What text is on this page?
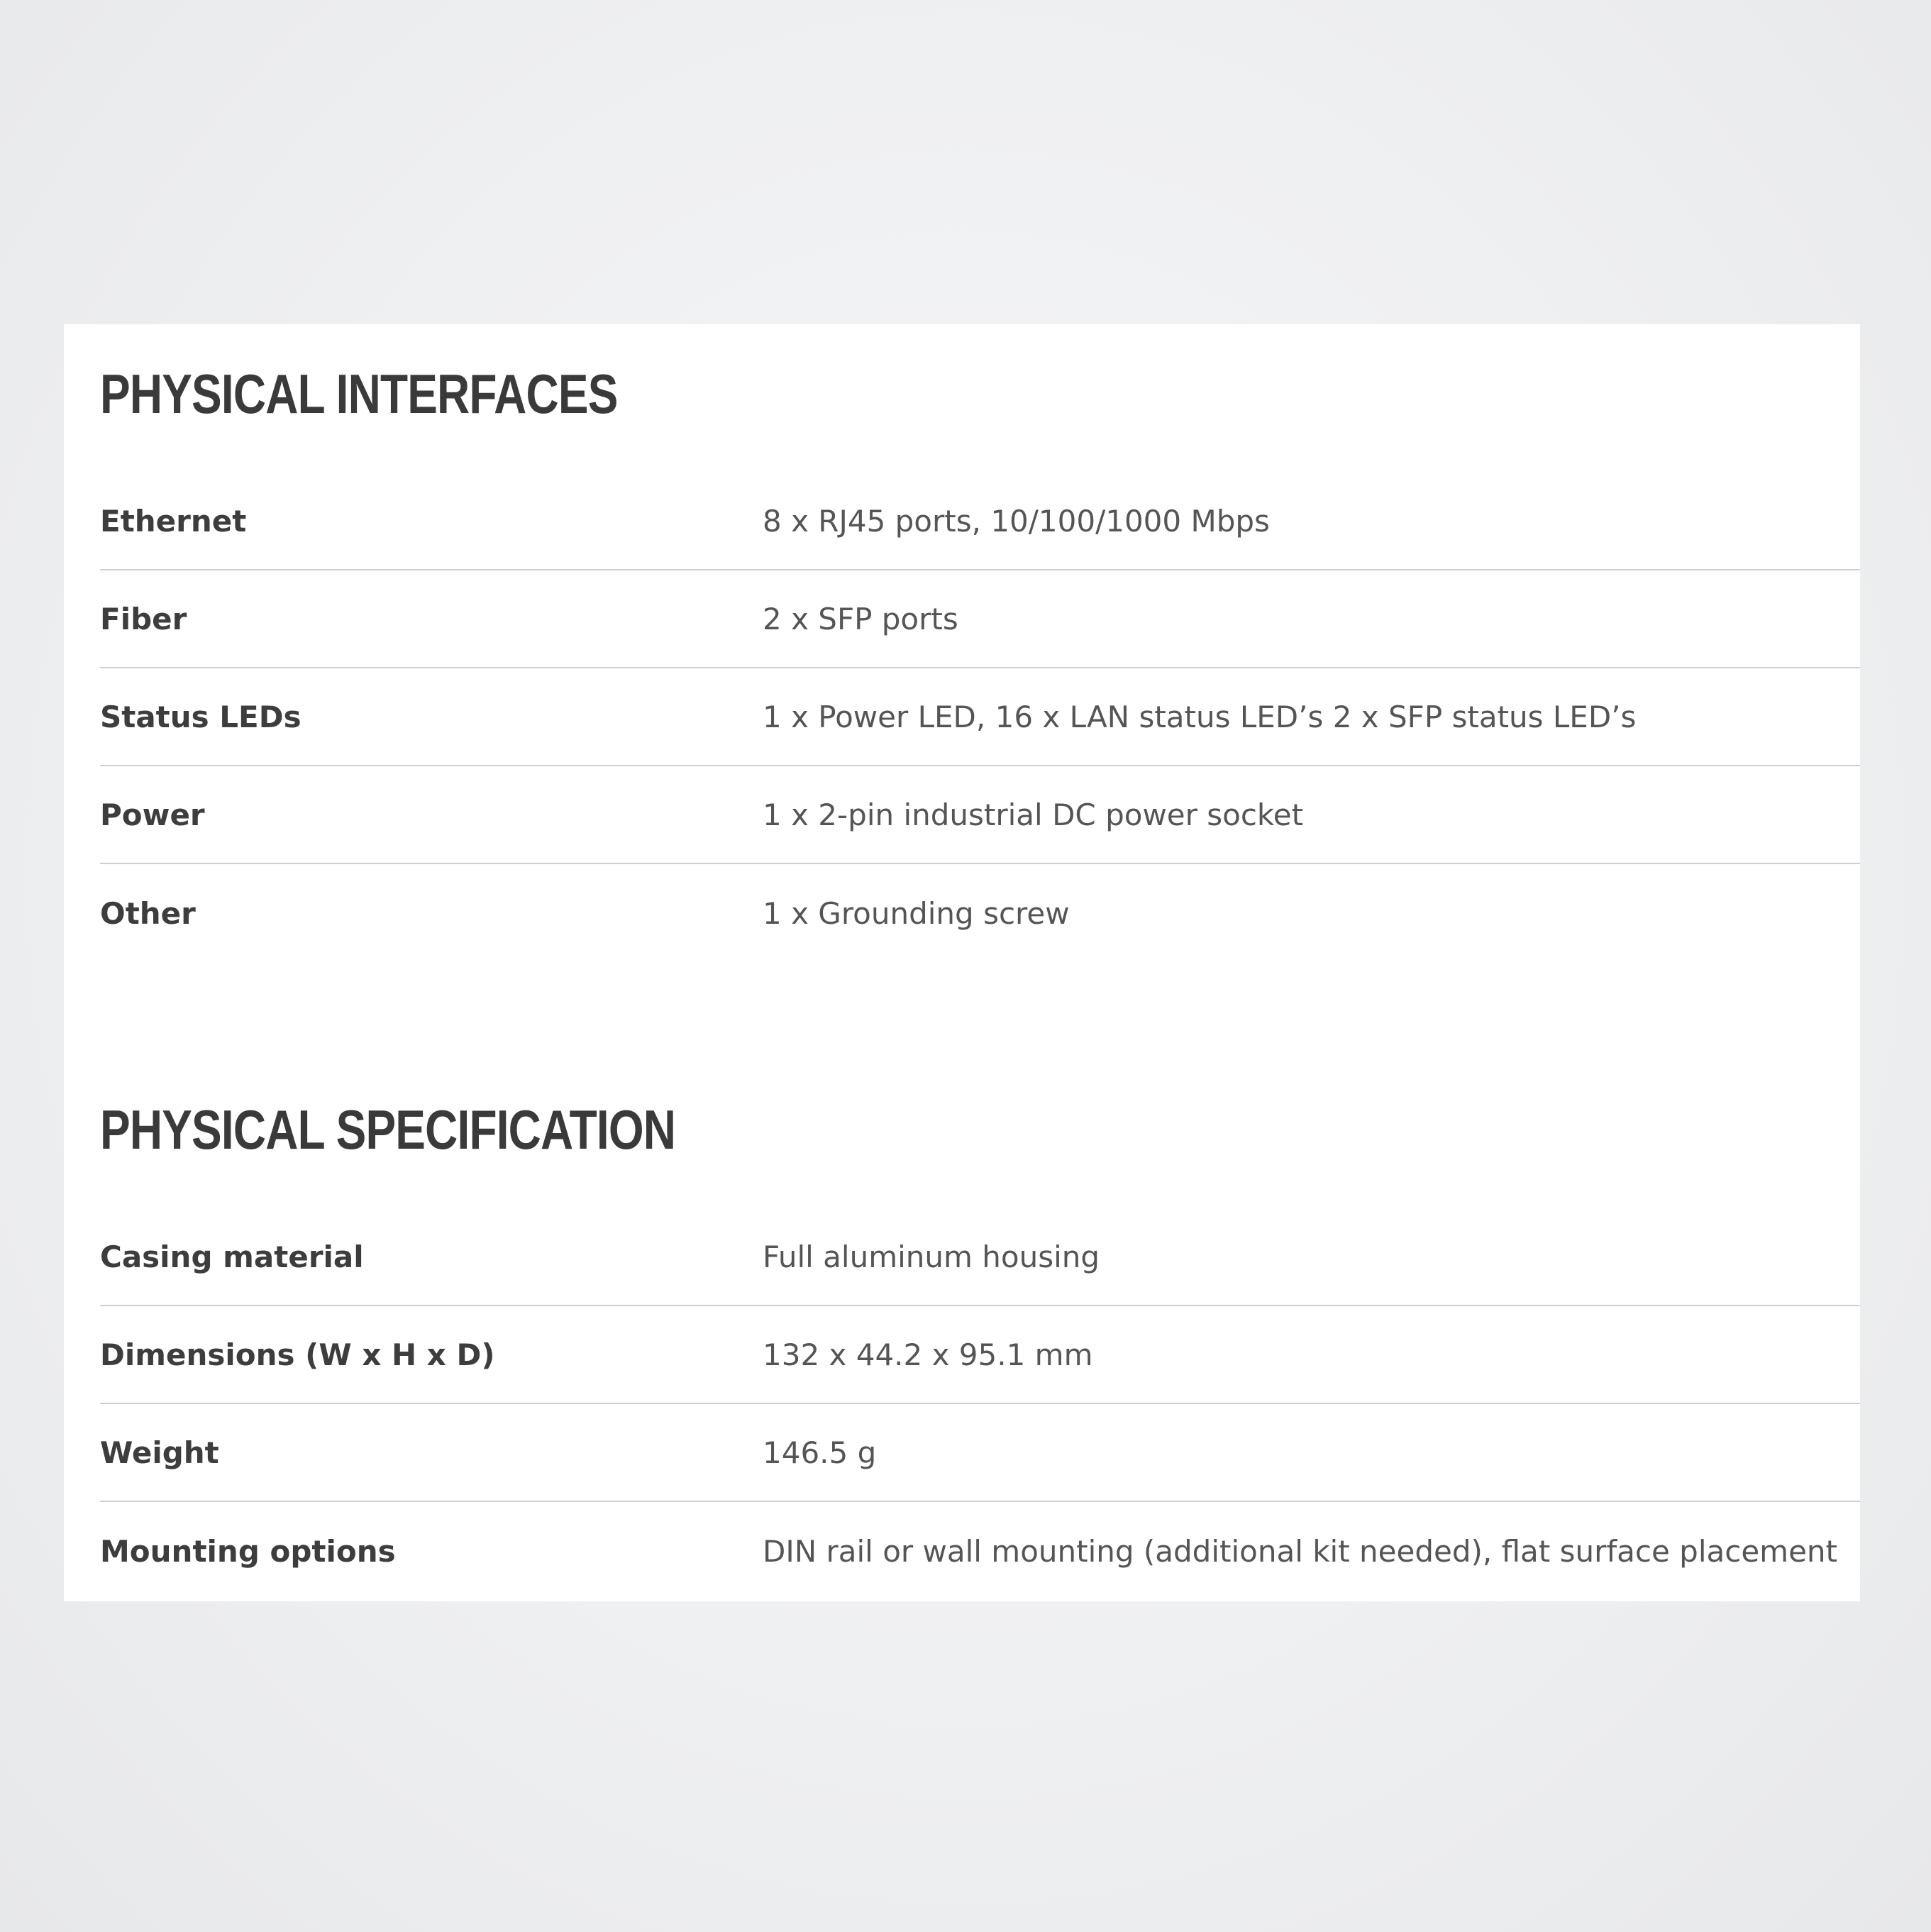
PHYSICAL INTERFACES
Ethernet	8 x RJ45 ports, 10/100/1000 Mbps
Fiber	2 x SFP ports
Status LEDs	1 x Power LED, 16 x LAN status LED’s 2 x SFP status LED’s
Power	1 x 2-pin industrial DC power socket
Other	1 x Grounding screw
PHYSICAL SPECIFICATION
Casing material	Full aluminum housing
Dimensions (W x H x D)	132 x 44.2 x 95.1 mm
Weight	146.5 g
Mounting options	DIN rail or wall mounting (additional kit needed), flat surface placement
